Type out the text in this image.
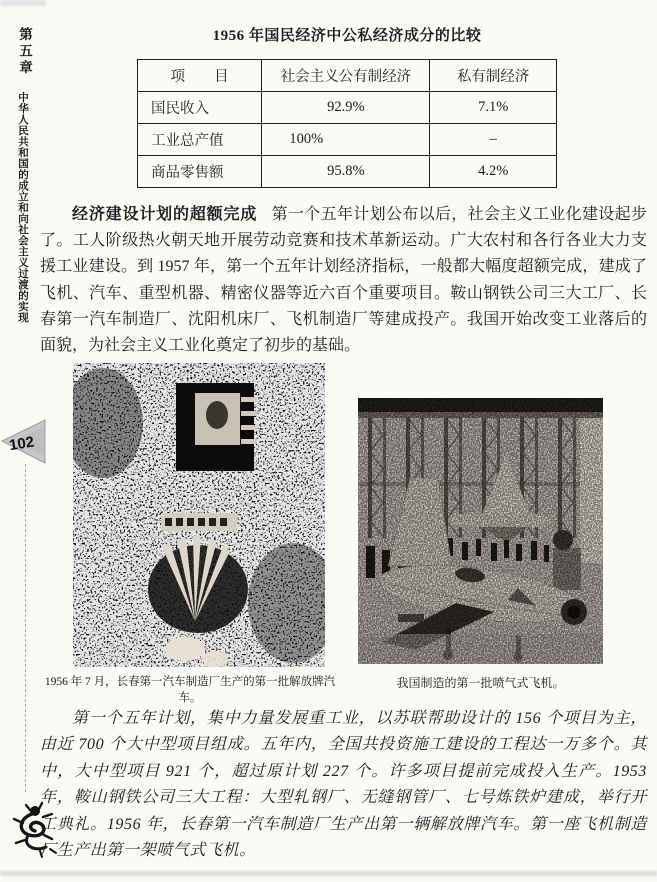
第五章
中华人民共和国的成立和向社会主义过渡的实现
102
1956 年国民经济中公私经济成分的比较
项　　目	社会主义公有制经济	私有制经济
国民收入	92.9%	7.1%
工业总产值	100%	–
商品零售额	95.8%	4.2%

经济建设计划的超额完成 第一个五年计划公布以后，社会主义工业化建设起步了。工人阶级热火朝天地开展劳动竞赛和技术革新运动。广大农村和各行各业大力支援工业建设。到 1957 年，第一个五年计划经济指标，一般都大幅度超额完成，建成了飞机、汽车、重型机器、精密仪器等近六百个重要项目。鞍山钢铁公司三大工厂、长春第一汽车制造厂、沈阳机床厂、飞机制造厂等建成投产。我国开始改变工业落后的面貌，为社会主义工业化奠定了初步的基础。

1956 年 7 月，长春第一汽车制造厂生产的第一批解放牌汽车。
我国制造的第一批喷气式飞机。

第一个五年计划，集中力量发展重工业，以苏联帮助设计的 156 个项目为主，由近 700 个大中型项目组成。五年内，全国共投资施工建设的工程达一万多个。其中，大中型项目 921 个，超过原计划 227 个。许多项目提前完成投入生产。1953 年，鞍山钢铁公司三大工程：大型轧钢厂、无缝钢管厂、七号炼铁炉建成，举行开工典礼。1956 年，长春第一汽车制造厂生产出第一辆解放牌汽车。第一座飞机制造厂生产出第一架喷气式飞机。
